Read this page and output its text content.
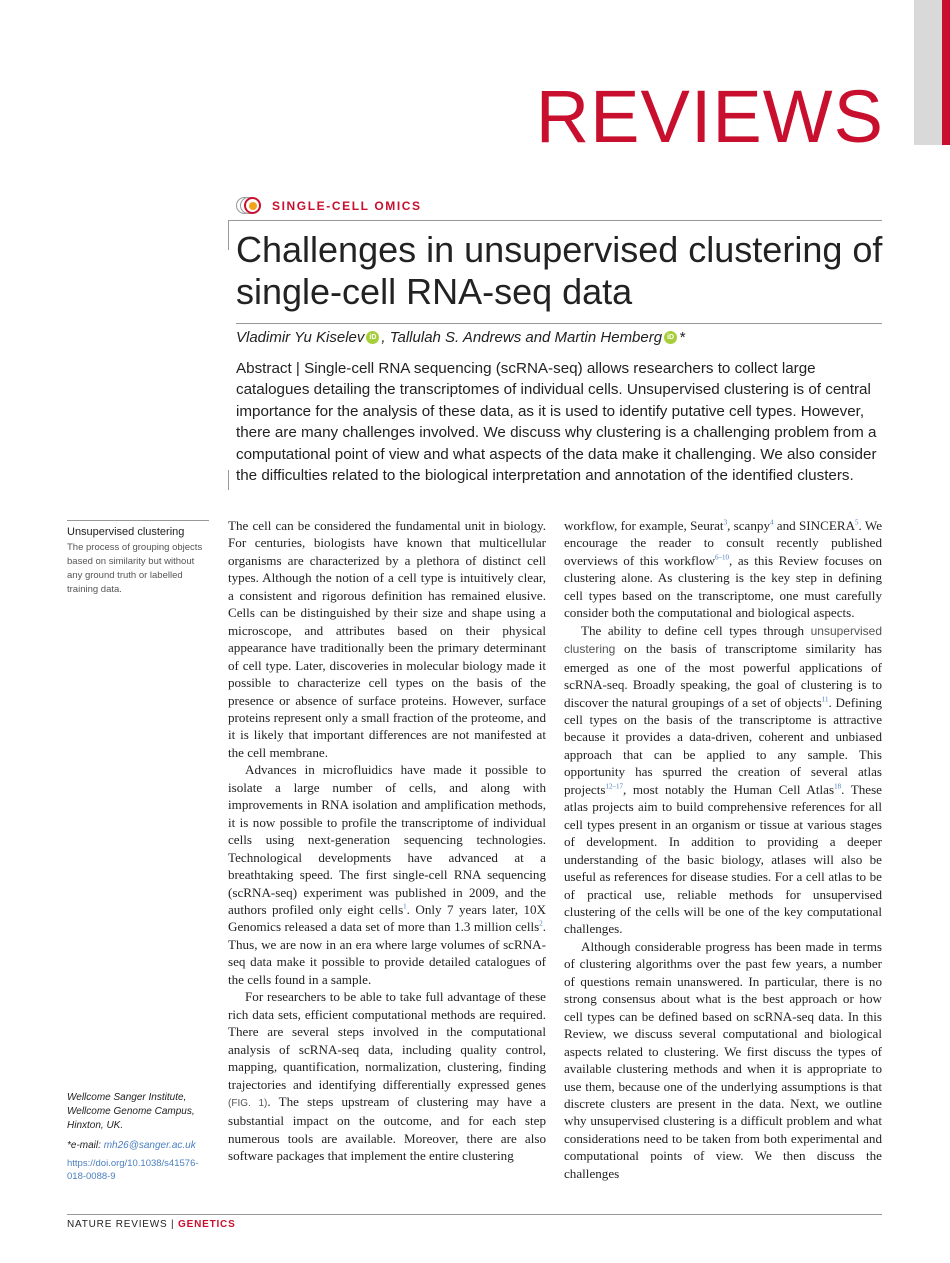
REVIEWS
SINGLE-CELL OMICS
Challenges in unsupervised clustering of single-cell RNA-seq data
Vladimir Yu Kiselev iD , Tallulah S. Andrews and Martin Hemberg iD *
Abstract | Single-cell RNA sequencing (scRNA-seq) allows researchers to collect large catalogues detailing the transcriptomes of individual cells. Unsupervised clustering is of central importance for the analysis of these data, as it is used to identify putative cell types. However, there are many challenges involved. We discuss why clustering is a challenging problem from a computational point of view and what aspects of the data make it challenging. We also consider the difficulties related to the biological interpretation and annotation of the identified clusters.
Unsupervised clustering
The process of grouping objects based on similarity but without any ground truth or labelled training data.
Wellcome Sanger Institute, Wellcome Genome Campus, Hinxton, UK.
*e-mail: mh26@sanger.ac.uk
https://doi.org/10.1038/s41576-018-0088-9

The cell can be considered the fundamental unit in biology. For centuries, biologists have known that multicellular organisms are characterized by a plethora of distinct cell types. Although the notion of a cell type is intuitively clear, a consistent and rigorous definition has remained elusive. Cells can be distinguished by their size and shape using a microscope, and attributes based on their physical appearance have traditionally been the primary determinant of cell type. Later, discoveries in molecular biology made it possible to characterize cell types on the basis of the presence or absence of surface proteins. However, surface proteins represent only a small fraction of the proteome, and it is likely that important differences are not manifested at the cell membrane.

Advances in microfluidics have made it possible to isolate a large number of cells, and along with improvements in RNA isolation and amplification methods, it is now possible to profile the transcriptome of individual cells using next-generation sequencing technologies. Technological developments have advanced at a breathtaking speed. The first single-cell RNA sequencing (scRNA-seq) experiment was published in 2009, and the authors profiled only eight cells$^1$. Only 7 years later, 10X Genomics released a data set of more than 1.3 million cells$^2$. Thus, we are now in an era where large volumes of scRNA-seq data make it possible to provide detailed catalogues of the cells found in a sample.

For researchers to be able to take full advantage of these rich data sets, efficient computational methods are required. There are several steps involved in the computational analysis of scRNA-seq data, including quality control, mapping, quantification, normalization, clustering, finding trajectories and identifying differentially expressed genes (FIG. 1). The steps upstream of clustering may have a substantial impact on the outcome, and for each step numerous tools are available. Moreover, there are also software packages that implement the entire clustering

workflow, for example, Seurat$^3$, scanpy$^4$ and SINCERA$^5$. We encourage the reader to consult recently published overviews of this workflow$^{6-10}$, as this Review focuses on clustering alone. As clustering is the key step in defining cell types based on the transcriptome, one must carefully consider both the computational and biological aspects.

The ability to define cell types through unsupervised clustering on the basis of transcriptome similarity has emerged as one of the most powerful applications of scRNA-seq. Broadly speaking, the goal of clustering is to discover the natural groupings of a set of objects$^{11}$. Defining cell types on the basis of the transcriptome is attractive because it provides a data-driven, coherent and unbiased approach that can be applied to any sample. This opportunity has spurred the creation of several atlas projects$^{12-17}$, most notably the Human Cell Atlas$^{18}$. These atlas projects aim to build comprehensive references for all cell types present in an organism or tissue at various stages of development. In addition to providing a deeper understanding of the basic biology, atlases will also be useful as references for disease studies. For a cell atlas to be of practical use, reliable methods for unsupervised clustering of the cells will be one of the key computational challenges.

Although considerable progress has been made in terms of clustering algorithms over the past few years, a number of questions remain unanswered. In particular, there is no strong consensus about what is the best approach or how cell types can be defined based on scRNA-seq data. In this Review, we discuss several computational and biological aspects related to clustering. We first discuss the types of available clustering methods and when it is appropriate to use them, because one of the underlying assumptions is that discrete clusters are present in the data. Next, we outline why unsupervised clustering is a difficult problem and what considerations need to be taken from both experimental and computational points of view. We then discuss the challenges

NATURE REVIEWS | GENETICS
